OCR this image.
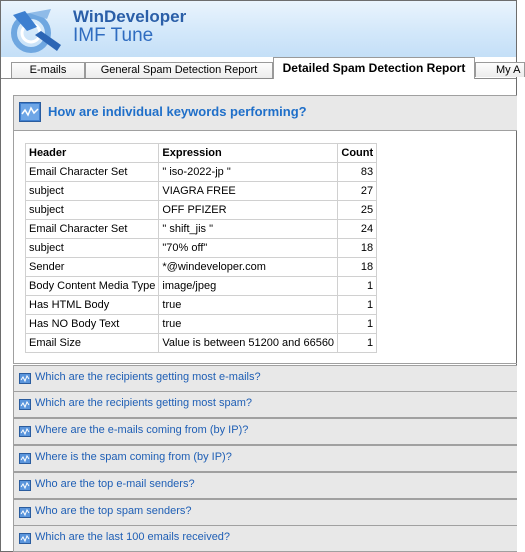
WinDeveloper
IMF Tune
E-mails	General Spam Detection Report	Detailed Spam Detection Report	My A
How are individual keywords performing?
Header	Expression	Count
Email Character Set	" iso-2022-jp "	83
subject	VIAGRA FREE	27
subject	OFF PFIZER	25
Email Character Set	" shift_jis "	24
subject	"70% off"	18
Sender	*@windeveloper.com	18
Body Content Media Type	image/jpeg	1
Has HTML Body	true	1
Has NO Body Text	true	1
Email Size	Value is between 51200 and 66560	1
Which are the recipients getting most e-mails?
Which are the recipients getting most spam?
Where are the e-mails coming from (by IP)?
Where is the spam coming from (by IP)?
Who are the top e-mail senders?
Who are the top spam senders?
Which are the last 100 emails received?
